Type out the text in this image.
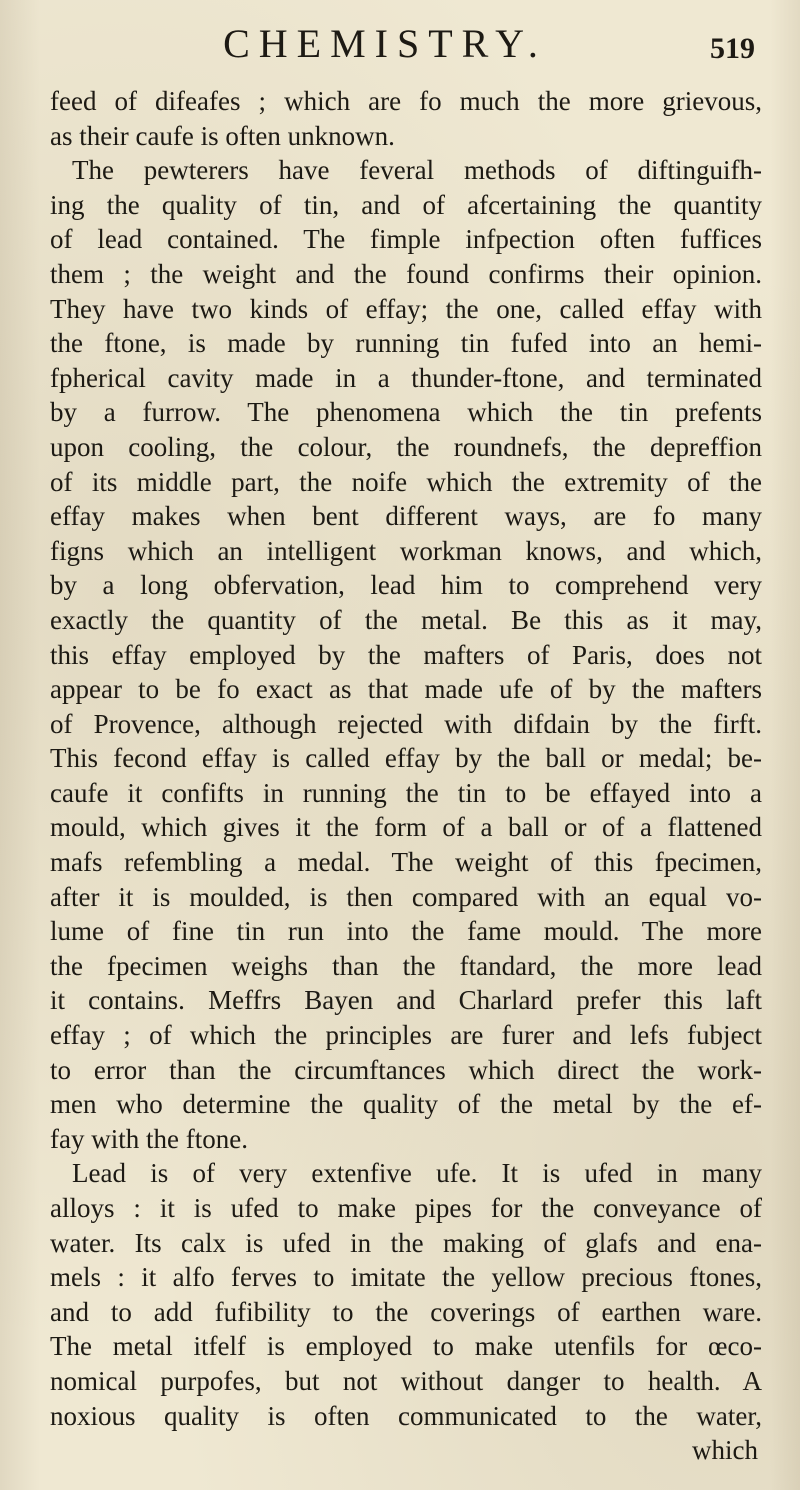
CHEMISTRY.	519
feed of difeafes ; which are fo much the more grievous,
as their caufe is often unknown.
The pewterers have feveral methods of diftinguifh-
ing the quality of tin, and of afcertaining the quantity
of lead contained. The fimple infpection often fuffices
them ; the weight and the found confirms their opinion.
They have two kinds of effay; the one, called effay with
the ftone, is made by running tin fufed into an hemi-
fpherical cavity made in a thunder-ftone, and terminated
by a furrow. The phenomena which the tin prefents
upon cooling, the colour, the roundnefs, the depreffion
of its middle part, the noife which the extremity of the
effay makes when bent different ways, are fo many
figns which an intelligent workman knows, and which,
by a long obfervation, lead him to comprehend very
exactly the quantity of the metal. Be this as it may,
this effay employed by the mafters of Paris, does not
appear to be fo exact as that made ufe of by the mafters
of Provence, although rejected with difdain by the firft.
This fecond effay is called effay by the ball or medal; be-
caufe it confifts in running the tin to be effayed into a
mould, which gives it the form of a ball or of a flattened
mafs refembling a medal. The weight of this fpecimen,
after it is moulded, is then compared with an equal vo-
lume of fine tin run into the fame mould. The more
the fpecimen weighs than the ftandard, the more lead
it contains. Meffrs Bayen and Charlard prefer this laft
effay ; of which the principles are furer and lefs fubject
to error than the circumftances which direct the work-
men who determine the quality of the metal by the ef-
fay with the ftone.
Lead is of very extenfive ufe. It is ufed in many
alloys : it is ufed to make pipes for the conveyance of
water. Its calx is ufed in the making of glafs and ena-
mels : it alfo ferves to imitate the yellow precious ftones,
and to add fufibility to the coverings of earthen ware.
The metal itfelf is employed to make utenfils for œco-
nomical purpofes, but not without danger to health. A
noxious quality is often communicated to the water,
which
